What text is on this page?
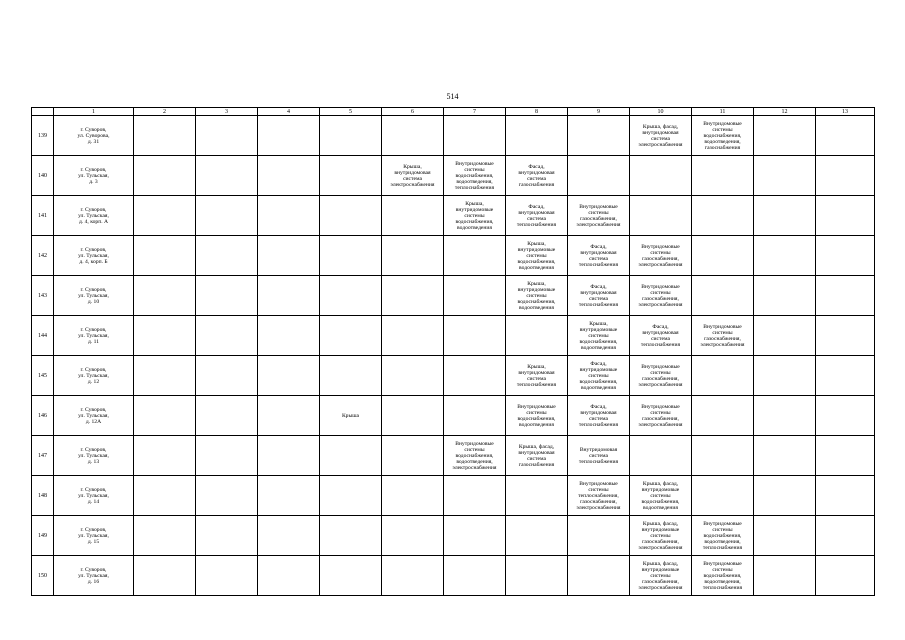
514
	1	2	3	4	5	6	7	8	9	10	11	12	13
139	г. Суворов,
ул. Суворова,
д. 31									Крыша, фасад,
внутридомовая
система
электроснабжения	Внутридомовые
системы
водоснабжения,
водоотведения,
газоснабжения		
140	г. Суворов,
ул. Тульская,
д. 3					Крыша,
внутридомовая
система
электроснабжения	Внутридомовые
системы
водоснабжения,
водоотведения,
теплоснабжения	Фасад,
внутридомовая
система
газоснабжения					
141	г. Суворов,
ул. Тульская,
д. 4, корп. А						Крыша,
внутридомовые
системы
водоснабжения,
водоотведения	Фасад,
внутридомовая
система
теплоснабжения	Внутридомовые
системы
газоснабжения,
электроснабжения				
142	г. Суворов,
ул. Тульская,
д. 4, корп. Б							Крыша,
внутридомовые
системы
водоснабжения,
водоотведения	Фасад,
внутридомовая
система
теплоснабжения	Внутридомовые
системы
газоснабжения,
электроснабжения			
143	г. Суворов,
ул. Тульская,
д. 10							Крыша,
внутридомовые
системы
водоснабжения,
водоотведения	Фасад,
внутридомовая
система
теплоснабжения	Внутридомовые
системы
газоснабжения,
электроснабжения			
144	г. Суворов,
ул. Тульская,
д. 11								Крыша,
внутридомовые
системы
водоснабжения,
водоотведения	Фасад,
внутридомовая
система
теплоснабжения	Внутридомовые
системы
газоснабжения,
электроснабжения		
145	г. Суворов,
ул. Тульская,
д. 12							Крыша,
внутридомовая
система
теплоснабжения	Фасад,
внутридомовые
системы
водоснабжения,
водоотведения	Внутридомовые
системы
газоснабжения,
электроснабжения			
146	г. Суворов,
ул. Тульская,
д. 12А				Крыша			Внутридомовые
системы
водоснабжения,
водоотведения	Фасад,
внутридомовая
система
теплоснабжения	Внутридомовые
системы
газоснабжения,
электроснабжения			
147	г. Суворов,
ул. Тульская,
д. 13						Внутридомовые
системы
водоснабжения,
водоотведения,
электроснабжения	Крыша, фасад,
внутридомовая
система
газоснабжения	Внутридомовая
система
теплоснабжения				
148	г. Суворов,
ул. Тульская,
д. 14								Внутридомовые
системы
теплоснабжения,
газоснабжения,
электроснабжения	Крыша, фасад,
внутридомовые
системы
водоснабжения,
водоотведения			
149	г. Суворов,
ул. Тульская,
д. 15									Крыша, фасад,
внутридомовые
системы
газоснабжения,
электроснабжения	Внутридомовые
системы
водоснабжения,
водоотведения,
теплоснабжения		
150	г. Суворов,
ул. Тульская,
д. 16									Крыша, фасад,
внутридомовые
системы
газоснабжения,
электроснабжения	Внутридомовые
системы
водоснабжения,
водоотведения,
теплоснабжения		
